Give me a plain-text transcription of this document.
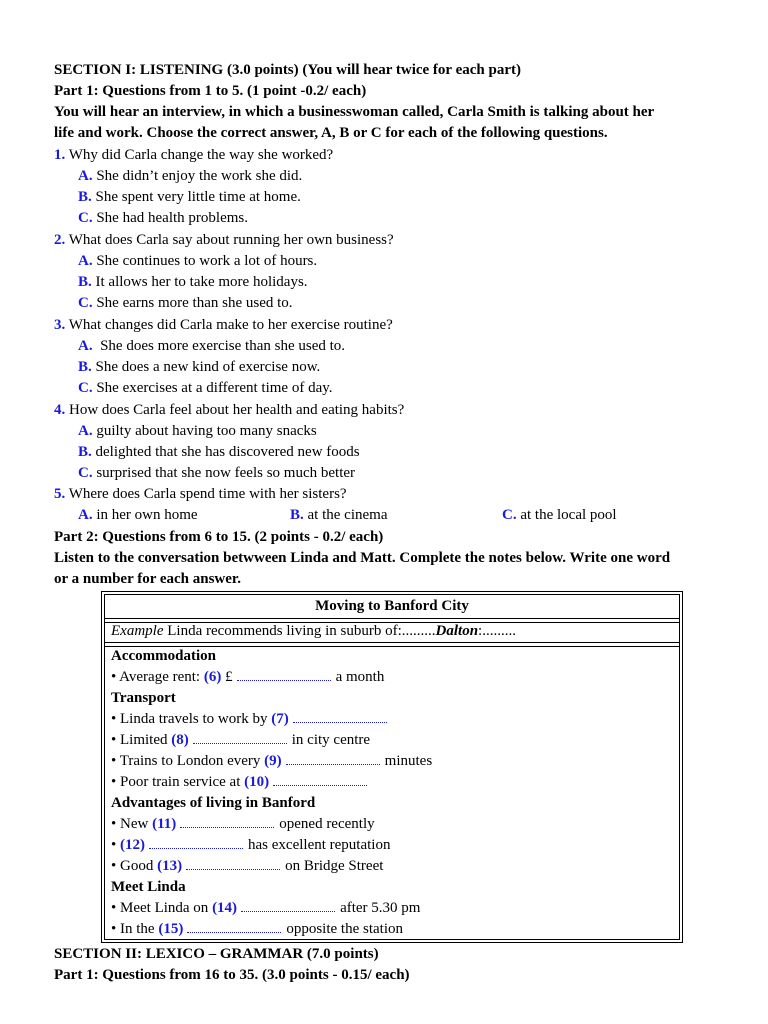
SECTION I: LISTENING (3.0 points) (You will hear twice for each part)
Part 1: Questions from 1 to 5. (1 point -0.2/ each)
You will hear an interview, in which a businesswoman called, Carla Smith is talking about her
life and work. Choose the correct answer, A, B or C for each of the following questions.
1. Why did Carla change the way she worked?
A. She didn’t enjoy the work she did.
B. She spent very little time at home.
C. She had health problems.
2. What does Carla say about running her own business?
A. She continues to work a lot of hours.
B. It allows her to take more holidays.
C. She earns more than she used to.
3. What changes did Carla make to her exercise routine?
A.  She does more exercise than she used to.
B. She does a new kind of exercise now.
C. She exercises at a different time of day.
4. How does Carla feel about her health and eating habits?
A. guilty about having too many snacks
B. delighted that she has discovered new foods
C. surprised that she now feels so much better
5. Where does Carla spend time with her sisters?
A. in her own home	B. at the cinema	C. at the local pool
Part 2: Questions from 6 to 15. (2 points - 0.2/ each)
Listen to the conversation betwween Linda and Matt. Complete the notes below. Write one word
or a number for each answer.
Moving to Banford City
Example Linda recommends living in suburb of:.........Dalton:.........
Accommodation
• Average rent: (6) £	a month
Transport
• Linda travels to work by (7)
• Limited (8)	in city centre
• Trains to London every (9)	minutes
• Poor train service at (10)
Advantages of living in Banford
• New (11)	opened recently
• (12)	has excellent reputation
• Good (13)	on Bridge Street
Meet Linda
• Meet Linda on (14)	after 5.30 pm
• In the (15)	opposite the station
SECTION II: LEXICO – GRAMMAR (7.0 points)
Part 1: Questions from 16 to 35. (3.0 points - 0.15/ each)
